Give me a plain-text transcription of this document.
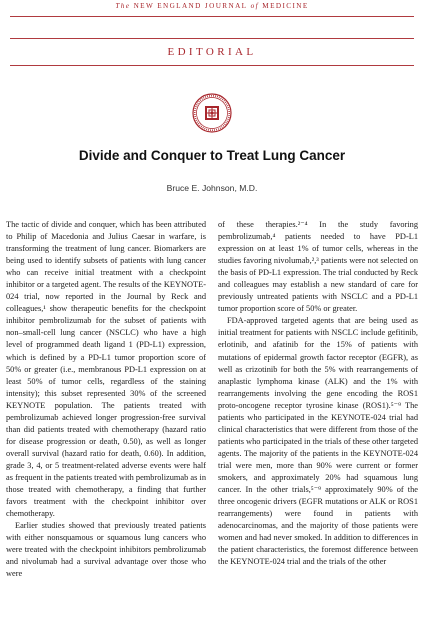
The NEW ENGLAND JOURNAL of MEDICINE
EDITORIAL
Divide and Conquer to Treat Lung Cancer
Bruce E. Johnson, M.D.

The tactic of divide and conquer, which has been attributed to Philip of Macedonia and Julius Caesar in warfare, is transforming the treatment of lung cancer. Biomarkers are being used to identify subsets of patients with lung cancer who can receive initial treatment with a checkpoint inhibitor or a targeted agent. The results of the KEYNOTE-024 trial, now reported in the Journal by Reck and colleagues,¹ show therapeutic benefits for the checkpoint inhibitor pembrolizumab for the subset of patients with non–small-cell lung cancer (NSCLC) who have a high level of programmed death ligand 1 (PD-L1) expression, which is defined by a PD-L1 tumor proportion score of 50% or greater (i.e., membranous PD-L1 expression on at least 50% of tumor cells, regardless of the staining intensity); this subset represented 30% of the screened KEYNOTE population. The patients treated with pembrolizumab achieved longer progression-free survival than did patients treated with chemotherapy (hazard ratio for disease progression or death, 0.50), as well as longer overall survival (hazard ratio for death, 0.60). In addition, grade 3, 4, or 5 treatment-related adverse events were half as frequent in the patients treated with pembrolizumab as in those treated with chemotherapy, a finding that further favors treatment with the checkpoint inhibitor over chemotherapy.

Earlier studies showed that previously treated patients with either nonsquamous or squamous lung cancers who were treated with the checkpoint inhibitors pembrolizumab and nivolumab had a survival advantage over those who were

of these therapies.²⁻⁴ In the study favoring pembrolizumab,⁴ patients needed to have PD-L1 expression on at least 1% of tumor cells, whereas in the studies favoring nivolumab,²,³ patients were not selected on the basis of PD-L1 expression. The trial conducted by Reck and colleagues may establish a new standard of care for previously untreated patients with NSCLC and a PD-L1 tumor proportion score of 50% or greater.

FDA-approved targeted agents that are being used as initial treatment for patients with NSCLC include gefitinib, erlotinib, and afatinib for the 15% of patients with mutations of epidermal growth factor receptor (EGFR), as well as crizotinib for both the 5% with rearrangements of anaplastic lymphoma kinase (ALK) and the 1% with rearrangements involving the gene encoding the ROS1 proto-oncogene receptor tyrosine kinase (ROS1).⁵⁻⁹ The patients who participated in the KEYNOTE-024 trial had clinical characteristics that were different from those of the patients who participated in the trials of these other targeted agents. The majority of the patients in the KEYNOTE-024 trial were men, more than 90% were current or former smokers, and approximately 20% had squamous lung cancer. In the other trials,⁵⁻⁹ approximately 90% of the three oncogenic drivers (EGFR mutations or ALK or ROS1 rearrangements) were found in patients with adenocarcinomas, and the majority of those patients were women and had never smoked. In addition to differences in the patient characteristics, the foremost difference between the KEYNOTE-024 trial and the trials of the other
